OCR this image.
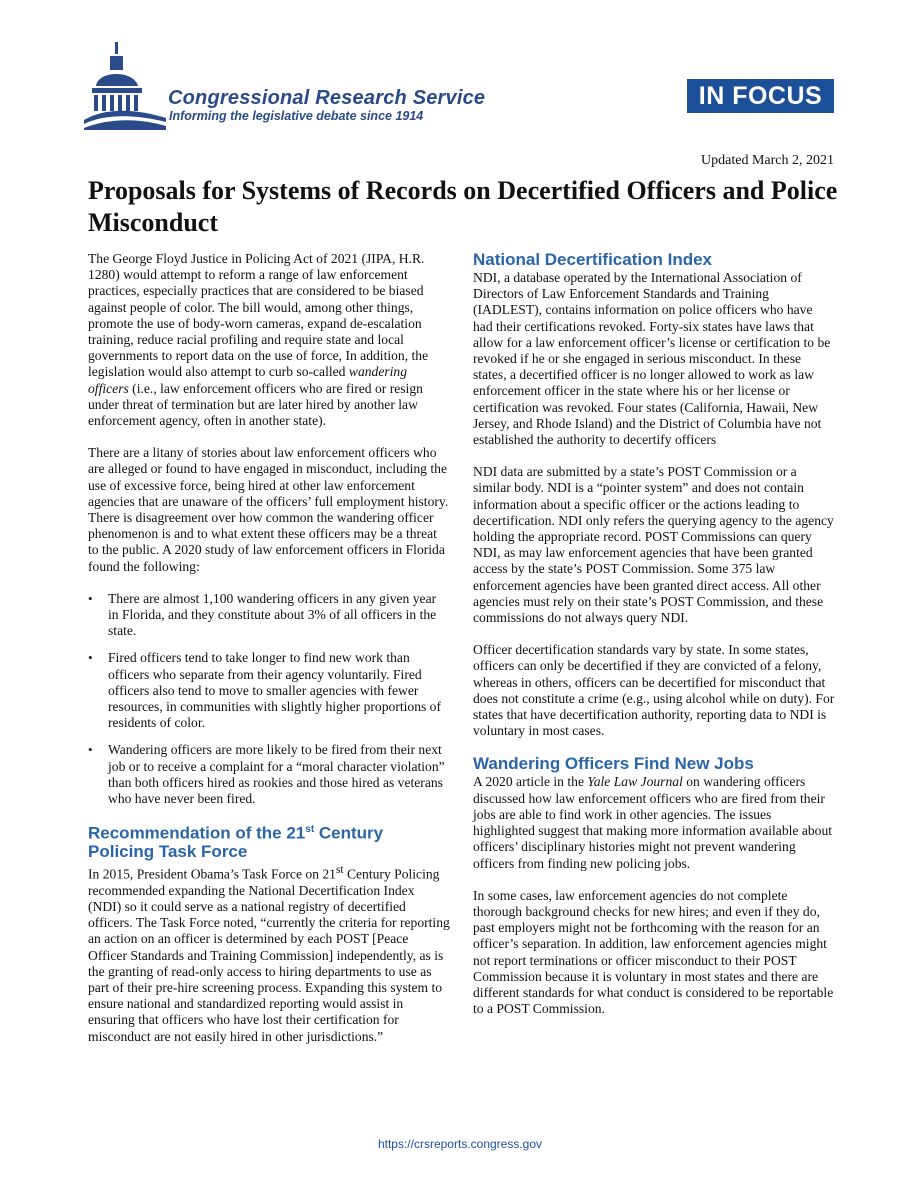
Congressional Research Service
Informing the legislative debate since 1914
IN FOCUS
Updated March 2, 2021
Proposals for Systems of Records on Decertified Officers and Police Misconduct

The George Floyd Justice in Policing Act of 2021 (JIPA, H.R. 1280) would attempt to reform a range of law enforcement practices, especially practices that are considered to be biased against people of color. The bill would, among other things, promote the use of body-worn cameras, expand de-escalation training, reduce racial profiling and require state and local governments to report data on the use of force, In addition, the legislation would also attempt to curb so-called wandering officers (i.e., law enforcement officers who are fired or resign under threat of termination but are later hired by another law enforcement agency, often in another state).

There are a litany of stories about law enforcement officers who are alleged or found to have engaged in misconduct, including the use of excessive force, being hired at other law enforcement agencies that are unaware of the officers’ full employment history. There is disagreement over how common the wandering officer phenomenon is and to what extent these officers may be a threat to the public. A 2020 study of law enforcement officers in Florida found the following:

• There are almost 1,100 wandering officers in any given year in Florida, and they constitute about 3% of all officers in the state.
• Fired officers tend to take longer to find new work than officers who separate from their agency voluntarily. Fired officers also tend to move to smaller agencies with fewer resources, in communities with slightly higher proportions of residents of color.
• Wandering officers are more likely to be fired from their next job or to receive a complaint for a “moral character violation” than both officers hired as rookies and those hired as veterans who have never been fired.
Recommendation of the 21st Century Policing Task Force

In 2015, President Obama’s Task Force on 21st Century Policing recommended expanding the National Decertification Index (NDI) so it could serve as a national registry of decertified officers. The Task Force noted, “currently the criteria for reporting an action on an officer is determined by each POST [Peace Officer Standards and Training Commission] independently, as is the granting of read-only access to hiring departments to use as part of their pre-hire screening process. Expanding this system to ensure national and standardized reporting would assist in ensuring that officers who have lost their certification for misconduct are not easily hired in other jurisdictions.”

National Decertification Index

NDI, a database operated by the International Association of Directors of Law Enforcement Standards and Training (IADLEST), contains information on police officers who have had their certifications revoked. Forty-six states have laws that allow for a law enforcement officer’s license or certification to be revoked if he or she engaged in serious misconduct. In these states, a decertified officer is no longer allowed to work as law enforcement officer in the state where his or her license or certification was revoked. Four states (California, Hawaii, New Jersey, and Rhode Island) and the District of Columbia have not established the authority to decertify officers

NDI data are submitted by a state’s POST Commission or a similar body. NDI is a “pointer system” and does not contain information about a specific officer or the actions leading to decertification. NDI only refers the querying agency to the agency holding the appropriate record. POST Commissions can query NDI, as may law enforcement agencies that have been granted access by the state’s POST Commission. Some 375 law enforcement agencies have been granted direct access. All other agencies must rely on their state’s POST Commission, and these commissions do not always query NDI.

Officer decertification standards vary by state. In some states, officers can only be decertified if they are convicted of a felony, whereas in others, officers can be decertified for misconduct that does not constitute a crime (e.g., using alcohol while on duty). For states that have decertification authority, reporting data to NDI is voluntary in most cases.

Wandering Officers Find New Jobs

A 2020 article in the Yale Law Journal on wandering officers discussed how law enforcement officers who are fired from their jobs are able to find work in other agencies. The issues highlighted suggest that making more information available about officers’ disciplinary histories might not prevent wandering officers from finding new policing jobs.

In some cases, law enforcement agencies do not complete thorough background checks for new hires; and even if they do, past employers might not be forthcoming with the reason for an officer’s separation. In addition, law enforcement agencies might not report terminations or officer misconduct to their POST Commission because it is voluntary in most states and there are different standards for what conduct is considered to be reportable to a POST Commission.

https://crsreports.congress.gov
